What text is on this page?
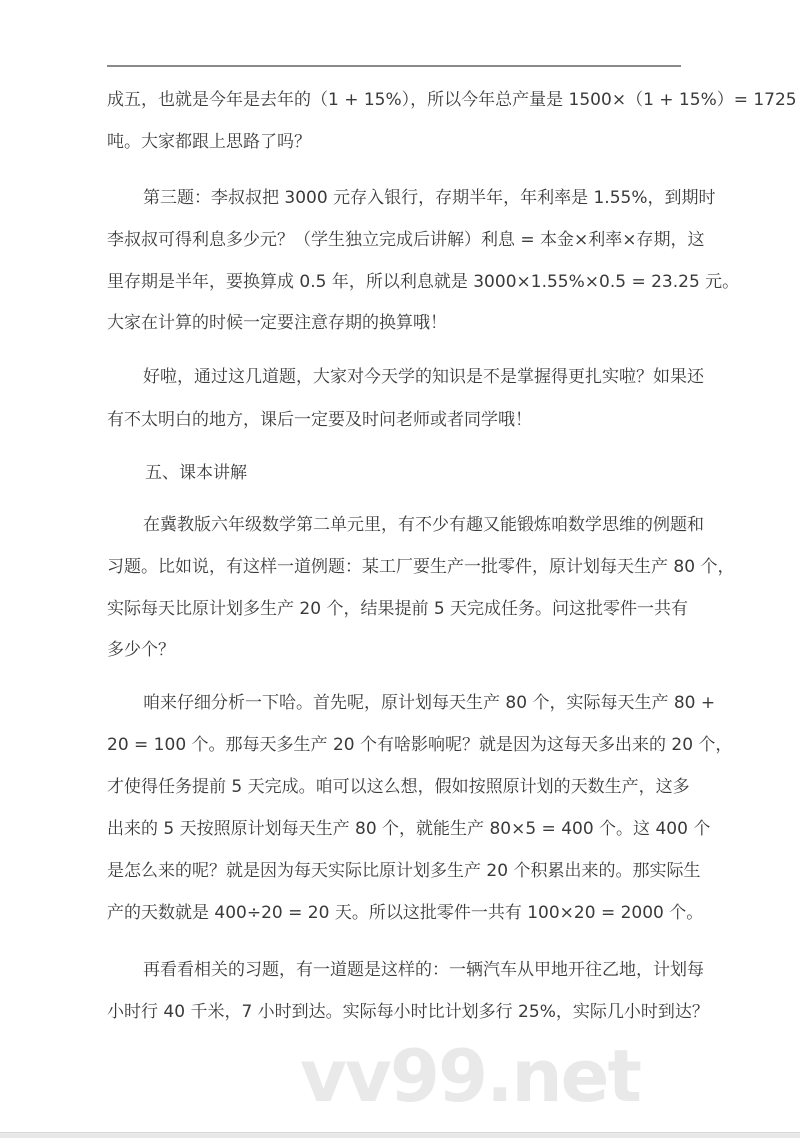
成五，也就是今年是去年的（1 + 15%），所以今年总产量是 1500×（1 + 15%）= 1725
吨。大家都跟上思路了吗？
第三题：李叔叔把 3000 元存入银行，存期半年，年利率是 1.55%，到期时
李叔叔可得利息多少元？（学生独立完成后讲解）利息 = 本金×利率×存期，这
里存期是半年，要换算成 0.5 年，所以利息就是 3000×1.55%×0.5 = 23.25 元。
大家在计算的时候一定要注意存期的换算哦！
好啦，通过这几道题，大家对今天学的知识是不是掌握得更扎实啦？如果还
有不太明白的地方，课后一定要及时问老师或者同学哦！
五、课本讲解
在冀教版六年级数学第二单元里，有不少有趣又能锻炼咱数学思维的例题和
习题。比如说，有这样一道例题：某工厂要生产一批零件，原计划每天生产 80 个，
实际每天比原计划多生产 20 个，结果提前 5 天完成任务。问这批零件一共有
多少个？
咱来仔细分析一下哈。首先呢，原计划每天生产 80 个，实际每天生产 80 +
20 = 100 个。那每天多生产 20 个有啥影响呢？就是因为这每天多出来的 20 个，
才使得任务提前 5 天完成。咱可以这么想，假如按照原计划的天数生产，这多
出来的 5 天按照原计划每天生产 80 个，就能生产 80×5 = 400 个。这 400 个
是怎么来的呢？就是因为每天实际比原计划多生产 20 个积累出来的。那实际生
产的天数就是 400÷20 = 20 天。所以这批零件一共有 100×20 = 2000 个。
再看看相关的习题，有一道题是这样的：一辆汽车从甲地开往乙地，计划每
小时行 40 千米，7 小时到达。实际每小时比计划多行 25%，实际几小时到达？
vv99.net
